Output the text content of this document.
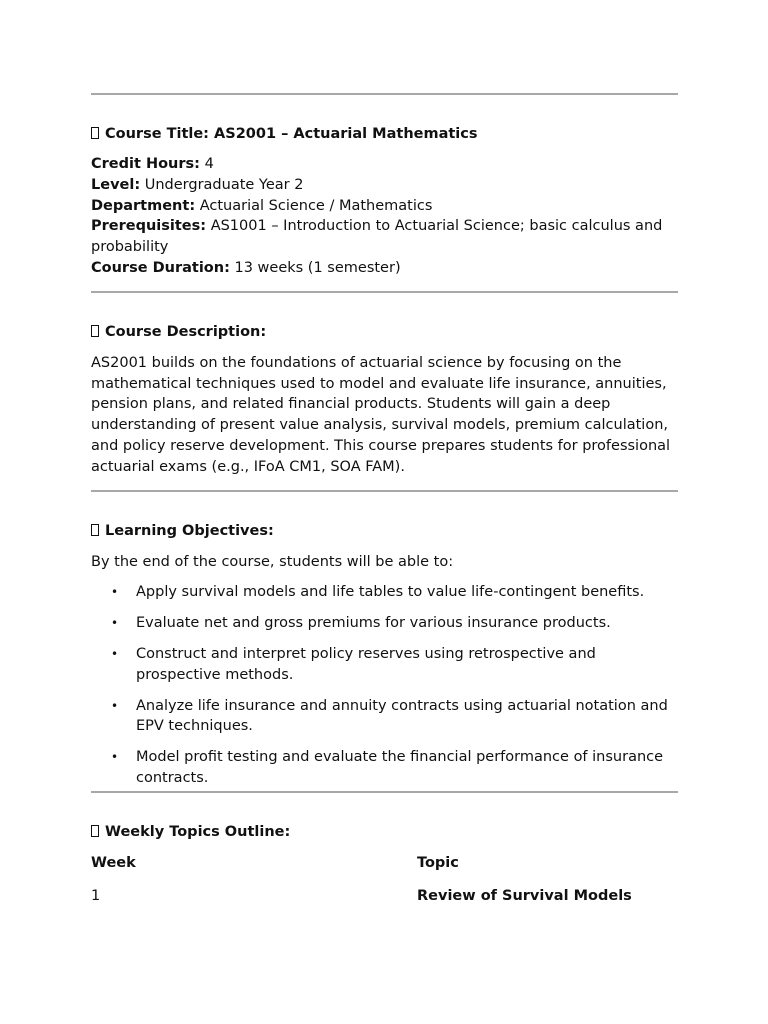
Course Title: AS2001 – Actuarial Mathematics

Credit Hours: 4

Level: Undergraduate Year 2

Department: Actuarial Science / Mathematics

Prerequisites: AS1001 – Introduction to Actuarial Science; basic calculus and probability

Course Duration: 13 weeks (1 semester)

Course Description:

AS2001 builds on the foundations of actuarial science by focusing on the mathematical techniques used to model and evaluate life insurance, annuities, pension plans, and related financial products. Students will gain a deep understanding of present value analysis, survival models, premium calculation, and policy reserve development. This course prepares students for professional actuarial exams (e.g., IFoA CM1, SOA FAM).

Learning Objectives:

By the end of the course, students will be able to:

• Apply survival models and life tables to value life-contingent benefits.
• Evaluate net and gross premiums for various insurance products.
• Construct and interpret policy reserves using retrospective and prospective methods.
• Analyze life insurance and annuity contracts using actuarial notation and EPV techniques.
• Model profit testing and evaluate the financial performance of insurance contracts.

Weekly Topics Outline:

Week	Topic
1	Review of Survival Models
